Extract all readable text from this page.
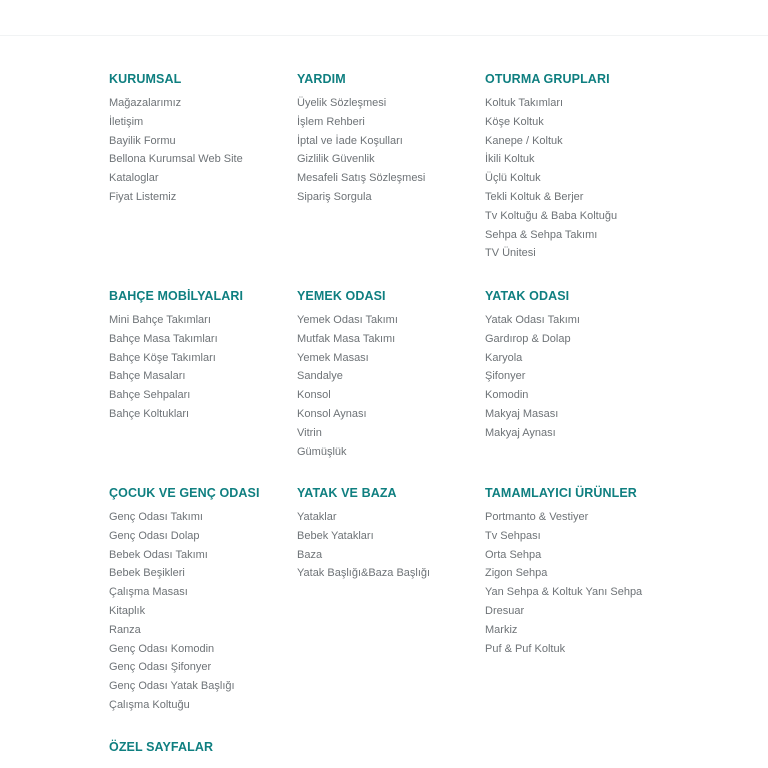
KURUMSAL
Mağazalarımız
İletişim
Bayilik Formu
Bellona Kurumsal Web Site
Kataloglar
Fiyat Listemiz
YARDIM
Üyelik Sözleşmesi
İşlem Rehberi
İptal ve İade Koşulları
Gizlilik Güvenlik
Mesafeli Satış Sözleşmesi
Sipariş Sorgula
OTURMA GRUPLARI
Koltuk Takımları
Köşe Koltuk
Kanepe / Koltuk
İkili Koltuk
Üçlü Koltuk
Tekli Koltuk & Berjer
Tv Koltuğu & Baba Koltuğu
Sehpa & Sehpa Takımı
TV Ünitesi
BAHÇE MOBİLYALARI
Mini Bahçe Takımları
Bahçe Masa Takımları
Bahçe Köşe Takımları
Bahçe Masaları
Bahçe Sehpaları
Bahçe Koltukları
YEMEK ODASI
Yemek Odası Takımı
Mutfak Masa Takımı
Yemek Masası
Sandalye
Konsol
Konsol Aynası
Vitrin
Gümüşlük
YATAK ODASI
Yatak Odası Takımı
Gardırop & Dolap
Karyola
Şifonyer
Komodin
Makyaj Masası
Makyaj Aynası
ÇOCUK VE GENÇ ODASI
Genç Odası Takımı
Genç Odası Dolap
Bebek Odası Takımı
Bebek Beşikleri
Çalışma Masası
Kitaplık
Ranza
Genç Odası Komodin
Genç Odası Şifonyer
Genç Odası Yatak Başlığı
Çalışma Koltuğu
YATAK VE BAZA
Yataklar
Bebek Yatakları
Baza
Yatak Başlığı&Baza Başlığı
TAMAMLAYICI ÜRÜNLER
Portmanto & Vestiyer
Tv Sehpası
Orta Sehpa
Zigon Sehpa
Yan Sehpa & Koltuk Yanı Sehpa
Dresuar
Markiz
Puf & Puf Koltuk
ÖZEL SAYFALAR
